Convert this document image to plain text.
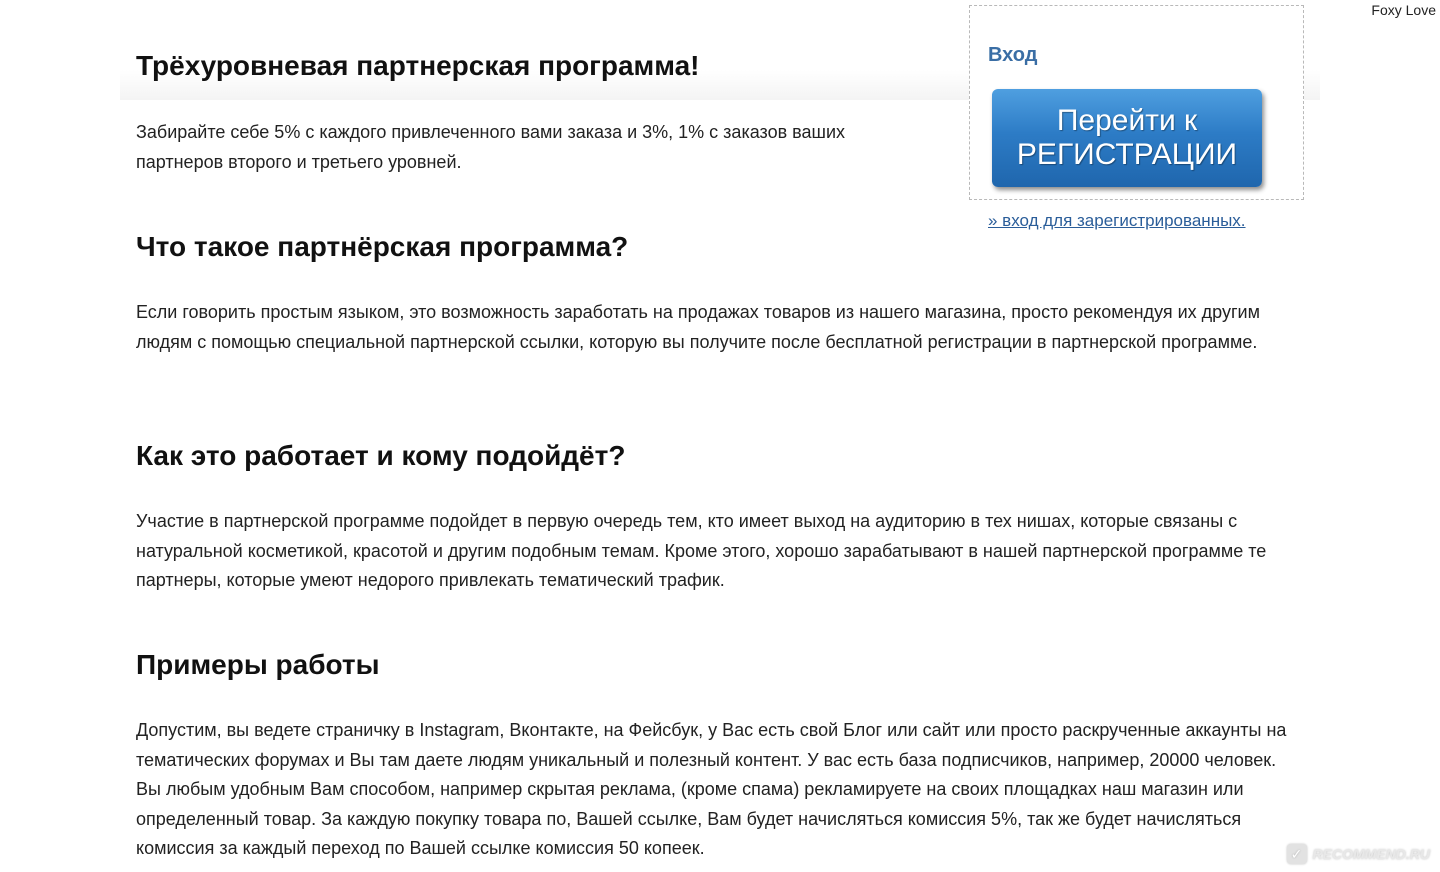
Foxy Love
Трёхуровневая партнерская программа!

Забирайте себе 5% с каждого привлеченного вами заказа и 3%, 1% с заказов ваших партнеров второго и третьего уровней.

Что такое партнёрская программа?

Если говорить простым языком, это возможность заработать на продажах товаров из нашего магазина, просто рекомендуя их другим людям с помощью специальной партнерской ссылки, которую вы получите после бесплатной регистрации в партнерской программе.

Как это работает и кому подойдёт?

Участие в партнерской программе подойдет в первую очередь тем, кто имеет выход на аудиторию в тех нишах, которые связаны с натуральной косметикой, красотой и другим подобным темам. Кроме этого, хорошо зарабатывают в нашей партнерской программе те партнеры, которые умеют недорого привлекать тематический трафик.

Примеры работы

Допустим, вы ведете страничку в Instagram, Вконтакте, на Фейсбук, у Вас есть свой Блог или сайт или просто раскрученные аккаунты на тематических форумах и Вы там даете людям уникальный и полезный контент. У вас есть база подписчиков, например, 20000 человек. Вы любым удобным Вам способом, например скрытая реклама, (кроме спама) рекламируете на своих площадках наш магазин или определенный товар. За каждую покупку товара по, Вашей ссылке, Вам будет начисляться комиссия 5%, так же будет начисляться комиссия за каждый переход по Вашей ссылке комиссия 50 копеек.

Вход
Перейти к
РЕГИСТРАЦИИ
» вход для зарегистрированных.
✓ RECOMMEND.RU
